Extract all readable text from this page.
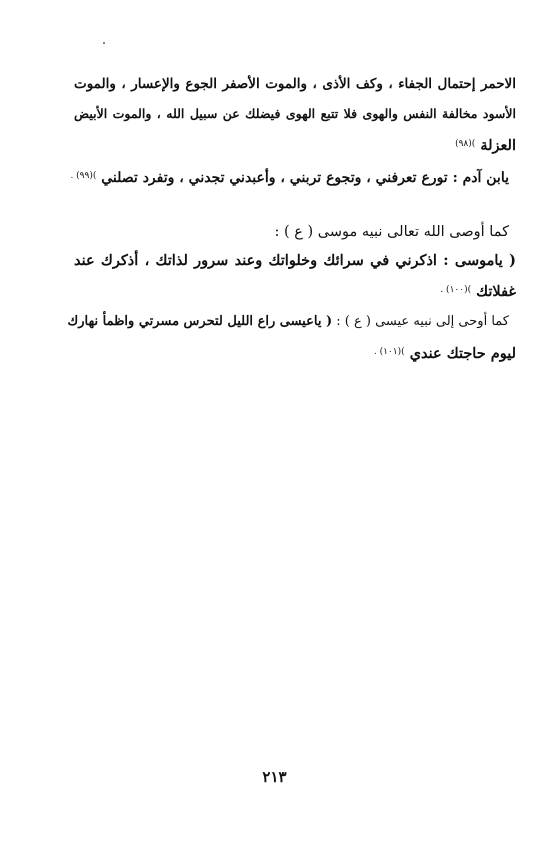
الاحمر إحتمال الجفاء ، وكف الأذى ، والموت الأصفر الجوع والإعسار ، والموت
الأسود مخالفة النفس والهوى فلا تتبع الهوى فيضلك عن سبيل الله ، والموت الأبيض
العزلة $^{)(٩٨)}$
يابن آدم : تورع تعرفني ، وتجوع تربني ، وأعبدني تجدني ، وتفرد تصلني $^{)(٩٩) .}$
كما أوصى الله تعالى نبيه موسى ( ع ) :
( ياموسى : اذكرني في سرائك وخلواتك وعند سرور لذاتك ، أذكرك عند
غفلاتك $^{)(١٠٠) .}$
كما أوحى إلى نبيه عيسى ( ع ) : ( ياعيسى راع الليل لتحرس مسرتي واظمأ نهارك
ليوم حاجتك عندي $^{)(١٠١) .}$
٢١٣
